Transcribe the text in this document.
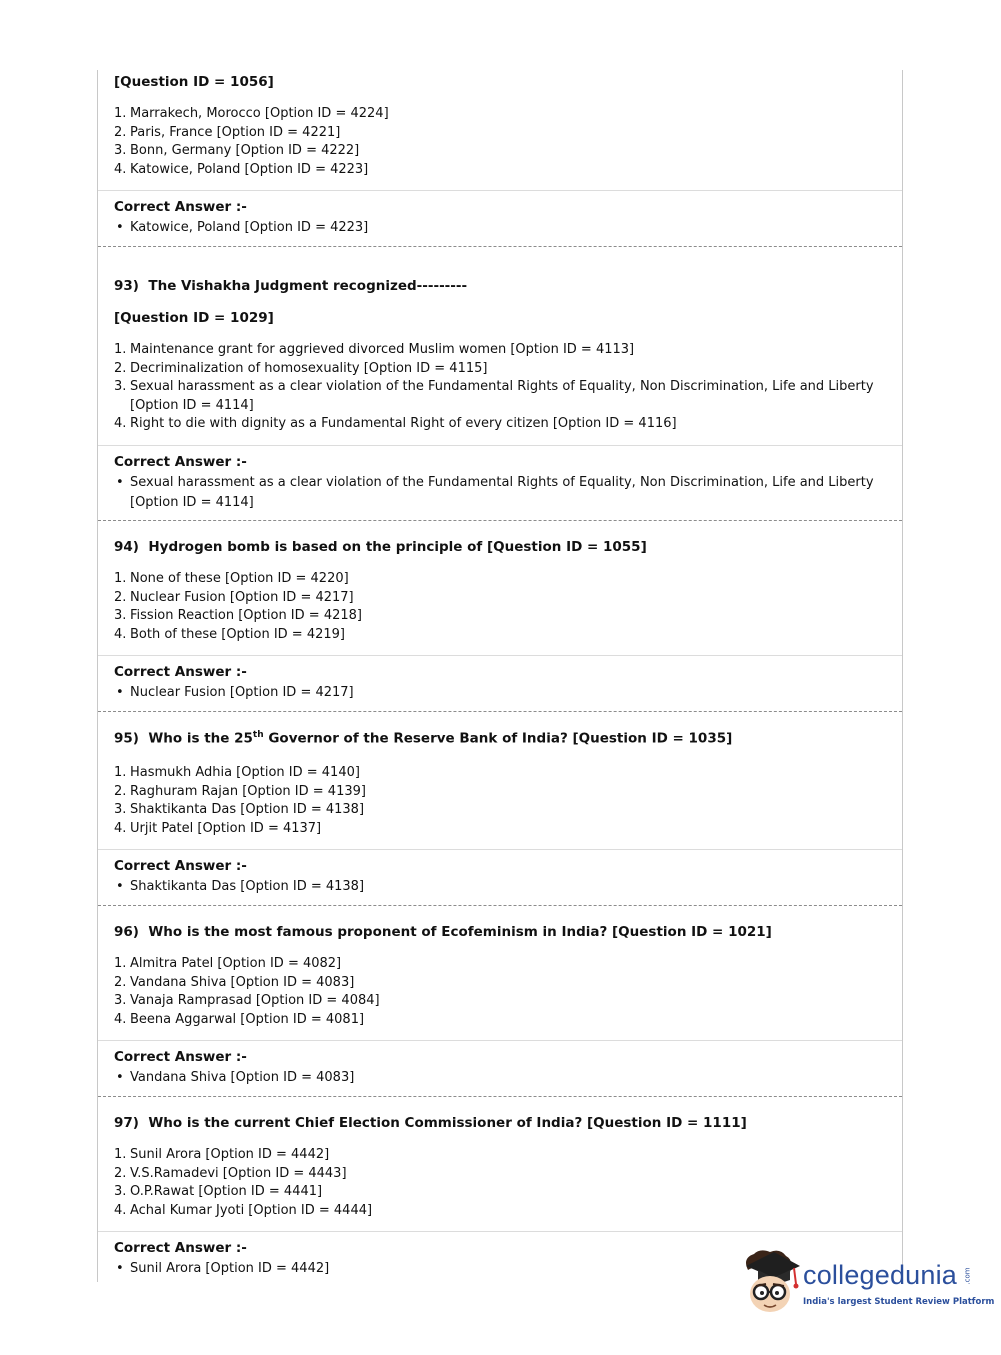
[Question ID = 1056]
1. Marrakech, Morocco [Option ID = 4224]
2. Paris, France [Option ID = 4221]
3. Bonn, Germany [Option ID = 4222]
4. Katowice, Poland [Option ID = 4223]
Correct Answer :-
• Katowice, Poland [Option ID = 4223]
93) The Vishakha Judgment recognized---------
[Question ID = 1029]
1. Maintenance grant for aggrieved divorced Muslim women [Option ID = 4113]
2. Decriminalization of homosexuality [Option ID = 4115]
3. Sexual harassment as a clear violation of the Fundamental Rights of Equality, Non Discrimination, Life and Liberty [Option ID = 4114]
4. Right to die with dignity as a Fundamental Right of every citizen [Option ID = 4116]
Correct Answer :-
• Sexual harassment as a clear violation of the Fundamental Rights of Equality, Non Discrimination, Life and Liberty [Option ID = 4114]
94) Hydrogen bomb is based on the principle of [Question ID = 1055]
1. None of these [Option ID = 4220]
2. Nuclear Fusion [Option ID = 4217]
3. Fission Reaction [Option ID = 4218]
4. Both of these [Option ID = 4219]
Correct Answer :-
• Nuclear Fusion [Option ID = 4217]
95) Who is the 25th Governor of the Reserve Bank of India? [Question ID = 1035]
1. Hasmukh Adhia [Option ID = 4140]
2. Raghuram Rajan [Option ID = 4139]
3. Shaktikanta Das [Option ID = 4138]
4. Urjit Patel [Option ID = 4137]
Correct Answer :-
• Shaktikanta Das [Option ID = 4138]
96) Who is the most famous proponent of Ecofeminism in India? [Question ID = 1021]
1. Almitra Patel [Option ID = 4082]
2. Vandana Shiva [Option ID = 4083]
3. Vanaja Ramprasad [Option ID = 4084]
4. Beena Aggarwal [Option ID = 4081]
Correct Answer :-
• Vandana Shiva [Option ID = 4083]
97) Who is the current Chief Election Commissioner of India? [Question ID = 1111]
1. Sunil Arora [Option ID = 4442]
2. V.S.Ramadevi [Option ID = 4443]
3. O.P.Rawat [Option ID = 4441]
4. Achal Kumar Jyoti [Option ID = 4444]
Correct Answer :-
• Sunil Arora [Option ID = 4442]	collegedunia .com
India's largest Student Review Platform
